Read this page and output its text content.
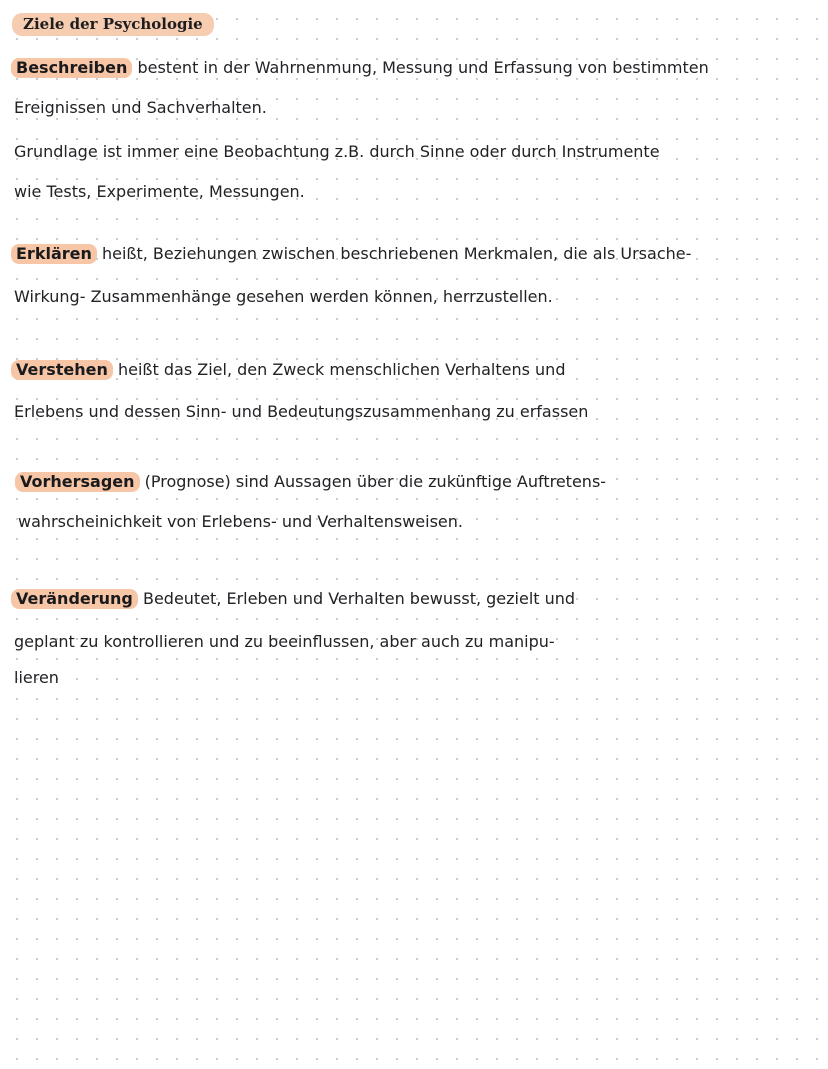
Ziele der Psychologie
Beschreiben bestent in der Wahrnenmung, Messung und Erfassung von bestimmten
Ereignissen und Sachverhalten.
Grundlage ist immer eine Beobachtung z.B. durch Sinne oder durch Instrumente
wie Tests, Experimente, Messungen.
Erklären heißt, Beziehungen zwischen beschriebenen Merkmalen, die als Ursache-
Wirkung- Zusammenhänge gesehen werden können, herrzustellen.
Verstehen heißt das Ziel, den Zweck menschlichen Verhaltens und
Erlebens und dessen Sinn- und Bedeutungszusammenhang zu erfassen
Vorhersagen (Prognose) sind Aussagen über die zukünftige Auftretens-
wahrscheinichkeit von Erlebens- und Verhaltensweisen.
Veränderung Bedeutet, Erleben und Verhalten bewusst, gezielt und
geplant zu kontrollieren und zu beeinflussen, aber auch zu manipu-
lieren
